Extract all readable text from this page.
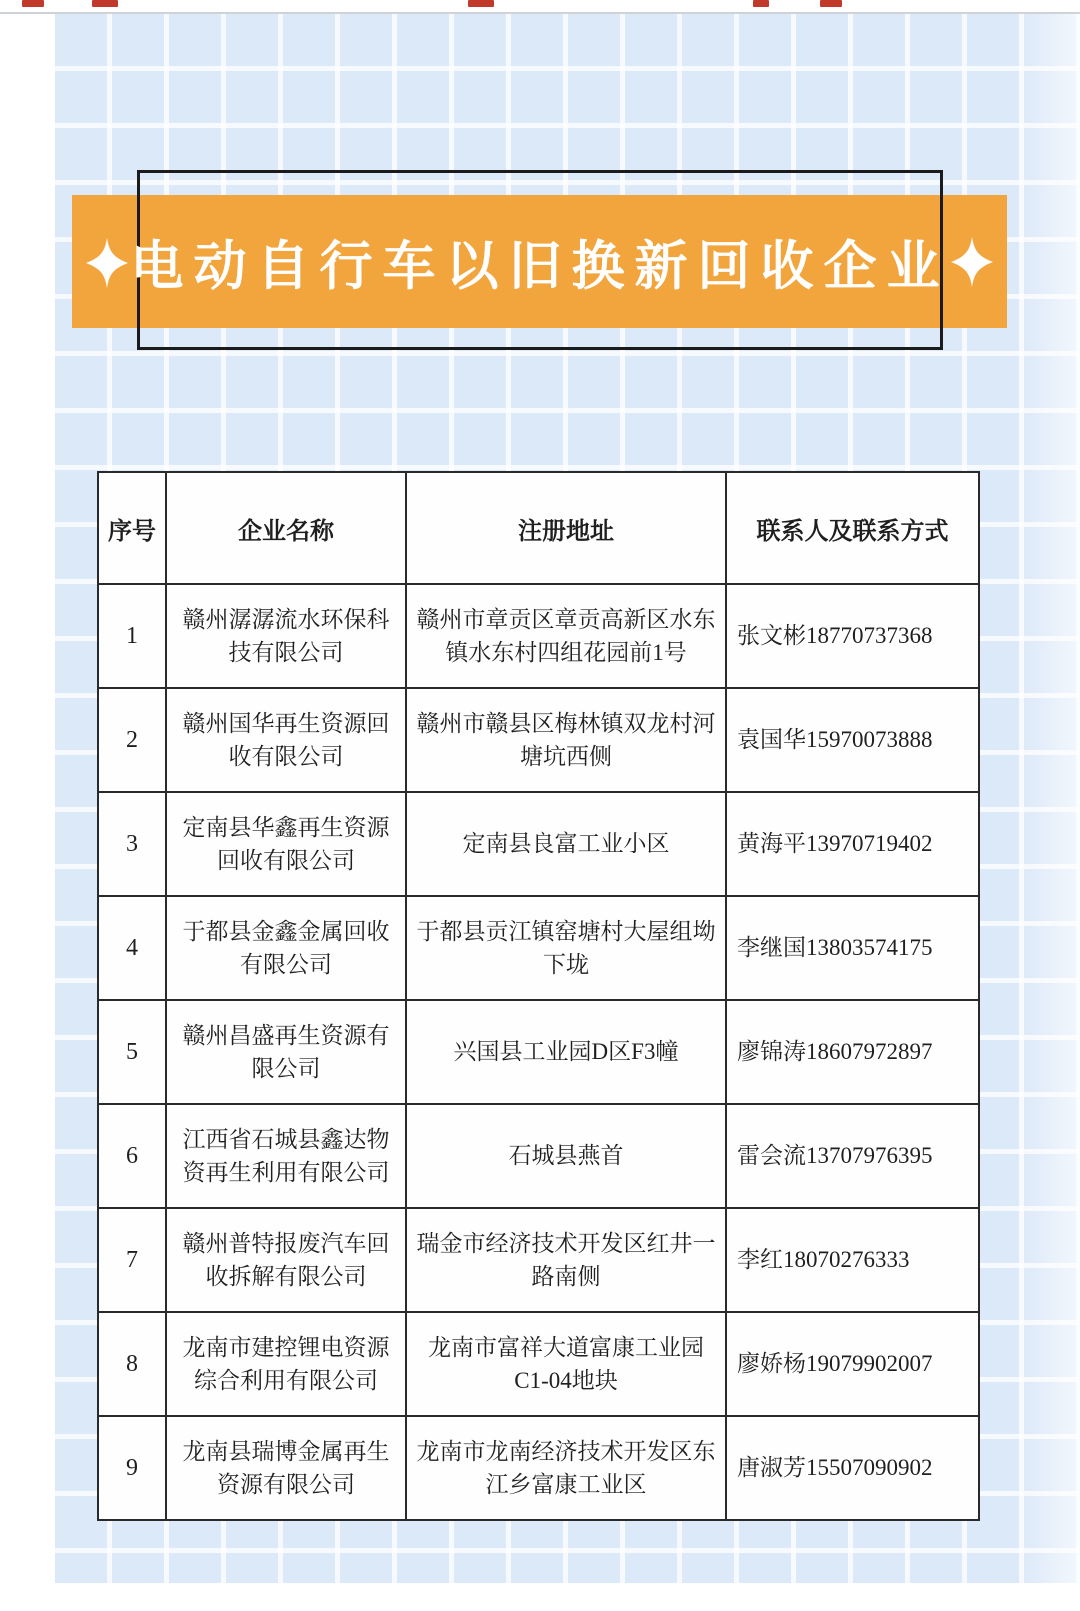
电动自行车以旧换新回收企业
序号	企业名称	注册地址	联系人及联系方式
1	赣州潺潺流水环保科技有限公司	赣州市章贡区章贡高新区水东镇水东村四组花园前1号	张文彬18770737368
2	赣州国华再生资源回收有限公司	赣州市赣县区梅林镇双龙村河塘坑西侧	袁国华15970073888
3	定南县华鑫再生资源回收有限公司	定南县良富工业小区	黄海平13970719402
4	于都县金鑫金属回收有限公司	于都县贡江镇窑塘村大屋组坳下垅	李继国13803574175
5	赣州昌盛再生资源有限公司	兴国县工业园D区F3幢	廖锦涛18607972897
6	江西省石城县鑫达物资再生利用有限公司	石城县燕首	雷会流13707976395
7	赣州普特报废汽车回收拆解有限公司	瑞金市经济技术开发区红井一路南侧	李红18070276333
8	龙南市建控锂电资源综合利用有限公司	龙南市富祥大道富康工业园C1-04地块	廖娇杨19079902007
9	龙南县瑞博金属再生资源有限公司	龙南市龙南经济技术开发区东江乡富康工业区	唐淑芳15507090902
